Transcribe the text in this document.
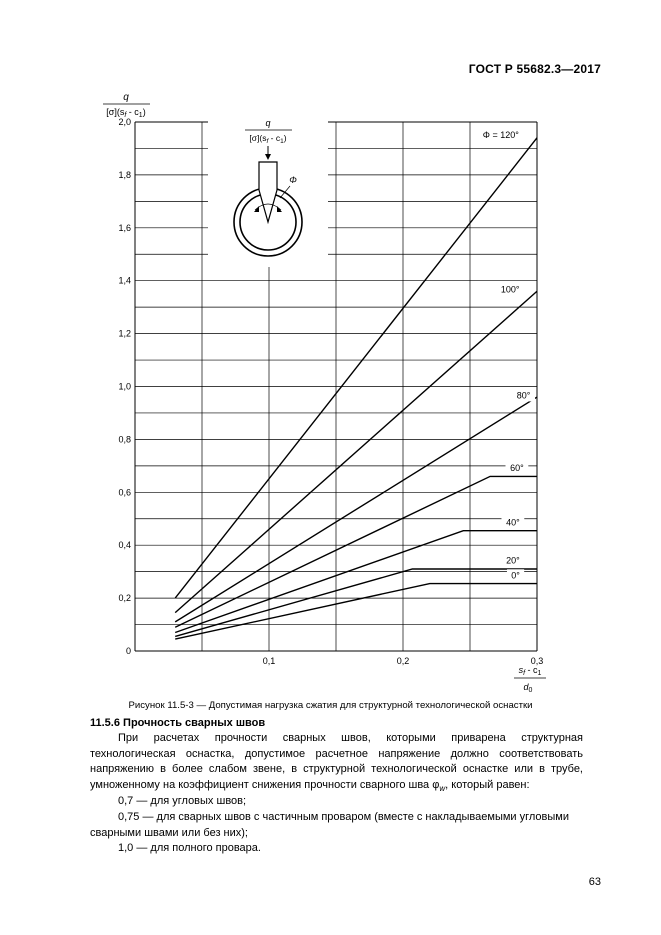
ГОСТ Р 55682.3—2017
0
0,2
0,4
0,6
0,8
1,0
1,2
1,4
1,6
1,8
2,0
0,1	0,2	0,3
Φ = 120°
100°
80°
60°
40°
20°
0°
q
$[\sigma](s_f - c_1)$
$s_f - c_1$
$d_0$
q
$[\sigma](s_f - c_1)$
Φ
Рисунок 11.5-3 — Допустимая нагрузка сжатия для структурной технологической оснастки
11.5.6 Прочность сварных швов

При расчетах прочности сварных швов, которыми приварена структурная технологическая оснастка, допустимое расчетное напряжение должно соответствовать напряжению в более слабом звене, в структурной технологической оснастке или в трубе, умноженному на коэффициент снижения прочности сварного шва $\varphi_w$, который равен:

0,7 — для угловых швов;

0,75 — для сварных швов с частичным проваром (вместе с накладываемыми угловыми сварными швами или без них);

1,0 — для полного провара.

63
